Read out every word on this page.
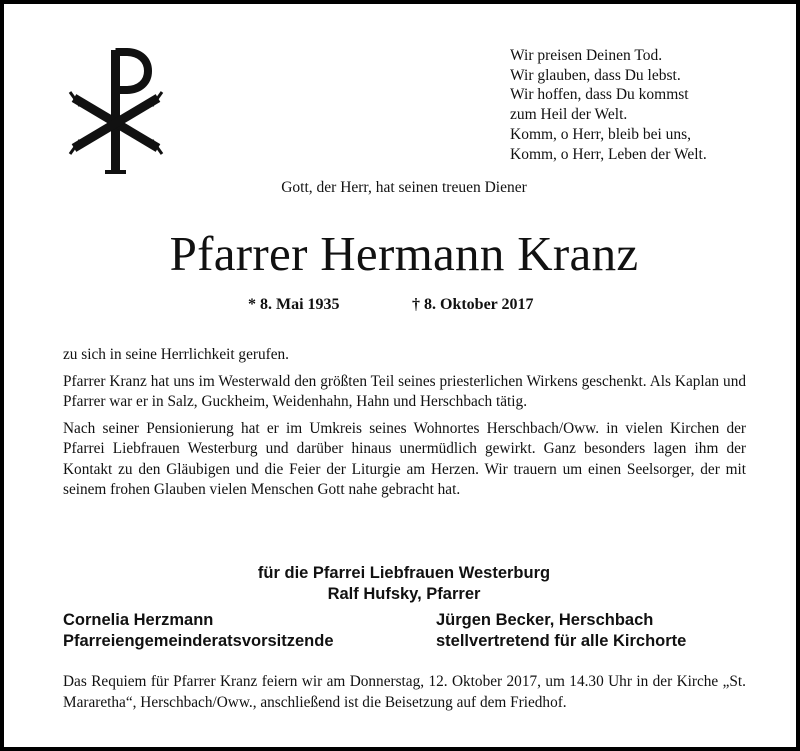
Wir preisen Deinen Tod.
Wir glauben, dass Du lebst.
Wir hoffen, dass Du kommst
zum Heil der Welt.
Komm, o Herr, bleib bei uns,
Komm, o Herr, Leben der Welt.
Gott, der Herr, hat seinen treuen Diener
Pfarrer Hermann Kranz
* 8. Mai 1935	† 8. Oktober 2017

zu sich in seine Herrlichkeit gerufen.

Pfarrer Kranz hat uns im Westerwald den größten Teil seines priesterlichen Wirkens geschenkt. Als Kaplan und Pfarrer war er in Salz, Guckheim, Weidenhahn, Hahn und Herschbach tätig.

Nach seiner Pensionierung hat er im Umkreis seines Wohnortes Herschbach/Oww. in vielen Kirchen der Pfarrei Liebfrauen Westerburg und darüber hinaus unermüdlich gewirkt. Ganz besonders lagen ihm der Kontakt zu den Gläubigen und die Feier der Liturgie am Herzen. Wir trauern um einen Seelsorger, der mit seinem frohen Glauben vielen Menschen Gott nahe gebracht hat.

für die Pfarrei Liebfrauen Westerburg
Ralf Hufsky, Pfarrer
Cornelia Herzmann
Pfarreiengemeinderatsvorsitzende
Jürgen Becker, Herschbach
stellvertretend für alle Kirchorte
Das Requiem für Pfarrer Kranz feiern wir am Donnerstag, 12. Oktober 2017, um 14.30 Uhr in der Kirche „St. Mararetha“, Herschbach/Oww., anschließend ist die Beisetzung auf dem Friedhof.
